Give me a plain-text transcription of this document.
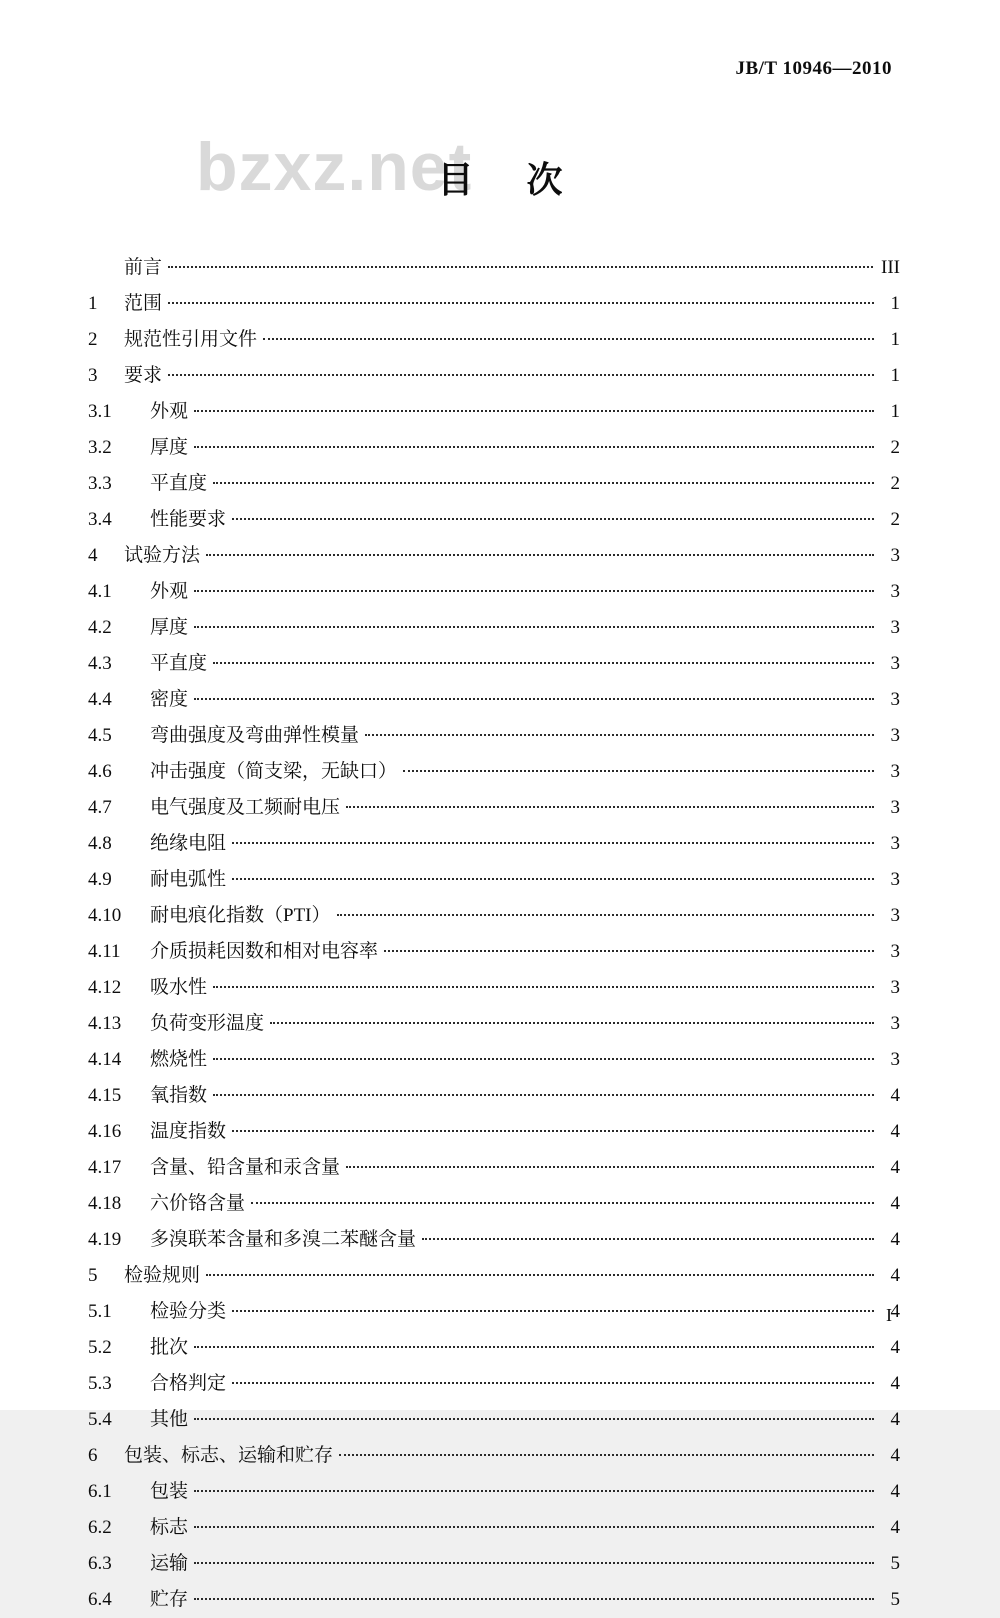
JB/T 10946—2010
bzxz.net
目 次
前言	III
1	范围	1
2	规范性引用文件	1
3	要求	1
3.1	外观	1
3.2	厚度	2
3.3	平直度	2
3.4	性能要求	2
4	试验方法	3
4.1	外观	3
4.2	厚度	3
4.3	平直度	3
4.4	密度	3
4.5	弯曲强度及弯曲弹性模量	3
4.6	冲击强度（简支梁，无缺口）	3
4.7	电气强度及工频耐电压	3
4.8	绝缘电阻	3
4.9	耐电弧性	3
4.10	耐电痕化指数（PTI）	3
4.11	介质损耗因数和相对电容率	3
4.12	吸水性	3
4.13	负荷变形温度	3
4.14	燃烧性	3
4.15	氧指数	4
4.16	温度指数	4
4.17	含量、铅含量和汞含量	4
4.18	六价铬含量	4
4.19	多溴联苯含量和多溴二苯醚含量	4
5	检验规则	4
5.1	检验分类	4
5.2	批次	4
5.3	合格判定	4
5.4	其他	4
6	包装、标志、运输和贮存	4
6.1	包装	4
6.2	标志	4
6.3	运输	5
6.4	贮存	5
I
